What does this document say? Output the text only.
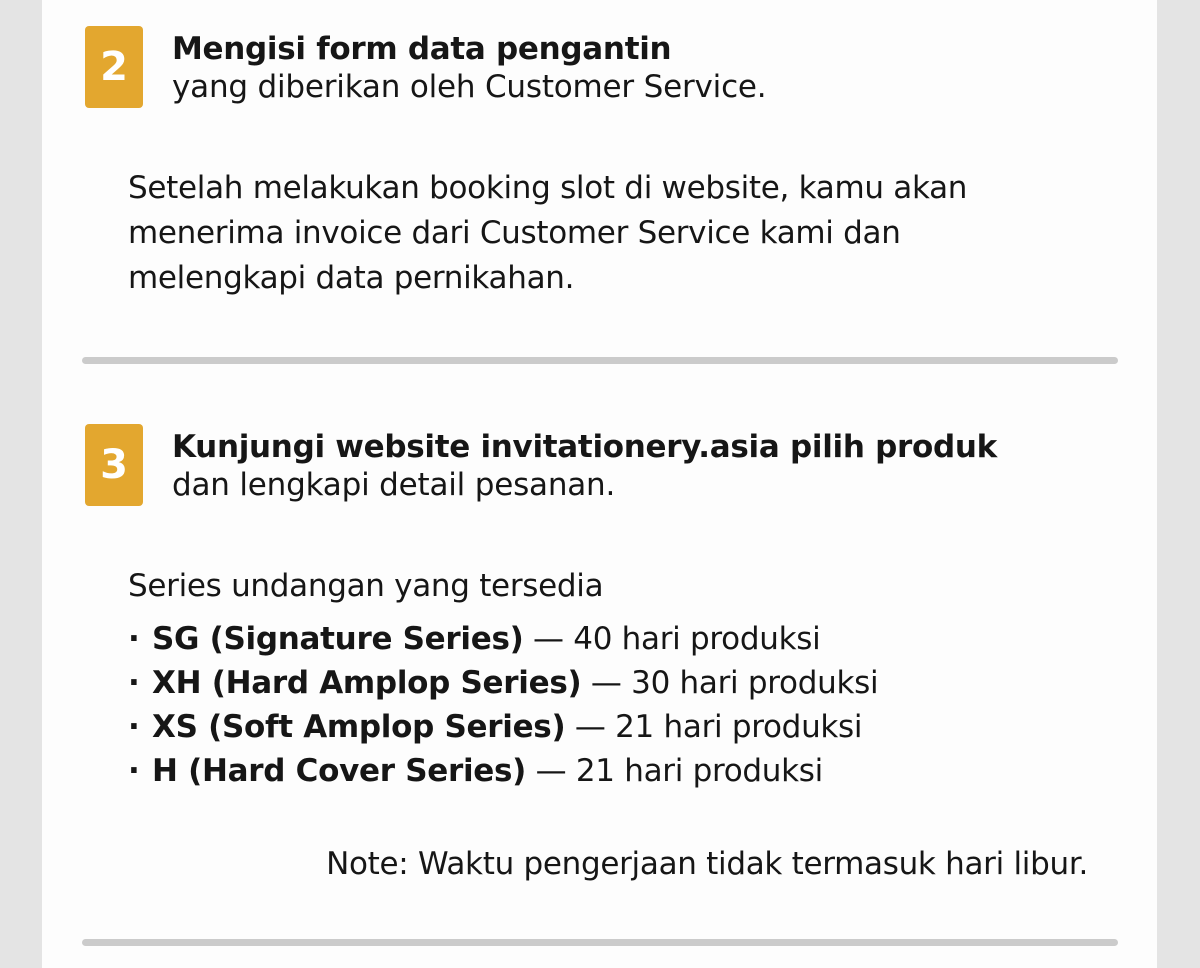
2	Mengisi form data pengantin
yang diberikan oleh Customer Service.
Setelah melakukan booking slot di website, kamu akan
menerima invoice dari Customer Service kami dan
melengkapi data pernikahan.
3	Kunjungi website invitationery.asia pilih produk
dan lengkapi detail pesanan.
Series undangan yang tersedia
· SG (Signature Series) — 40 hari produksi
· XH (Hard Amplop Series) — 30 hari produksi
· XS (Soft Amplop Series) — 21 hari produksi
· H (Hard Cover Series) — 21 hari produksi
Note: Waktu pengerjaan tidak termasuk hari libur.
